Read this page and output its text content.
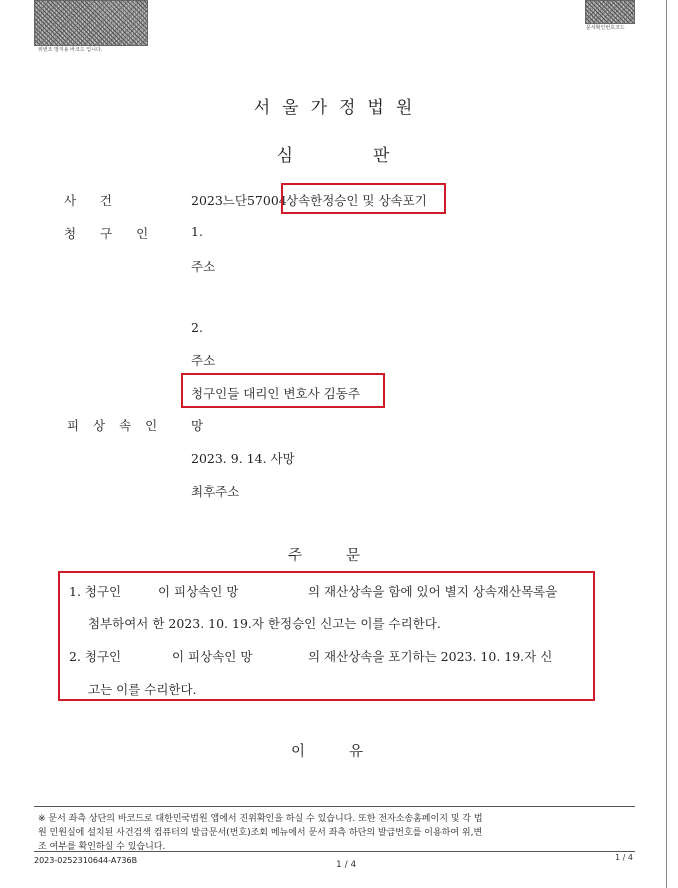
위변조 방지용 바코드 입니다.
문서확인번호코드
서울가정법원
심판
사      건	2023느단57004 상속한정승인 및 상속포기
청 구 인	1.
주소
2.
주소
청구인들 대리인 변호사 김동주
피 상 속 인 망
2023. 9. 14. 사망
최후주소
주문
1. 청구인	이 피상속인 망	의 재산상속을 함에 있어 별지 상속재산목록을
첨부하여서 한 2023. 10. 19.자 한정승인 신고는 이를 수리한다.
2. 청구인	이 피상속인 망	의 재산상속을 포기하는 2023. 10. 19.자 신
고는 이를 수리한다.
이유
※ 문서 좌측 상단의 바코드로 대한민국법원 앱에서 진위확인을 하실 수 있습니다. 또한 전자소송홈페이지 및 각 법
원 민원실에 설치된 사건검색 컴퓨터의 발급문서(번호)조회 메뉴에서 문서 좌측 하단의 발급번호를 이용하여 위,변
조 여부를 확인하실 수 있습니다.
2023-0252310644-A736B	1 / 4
1 / 4
